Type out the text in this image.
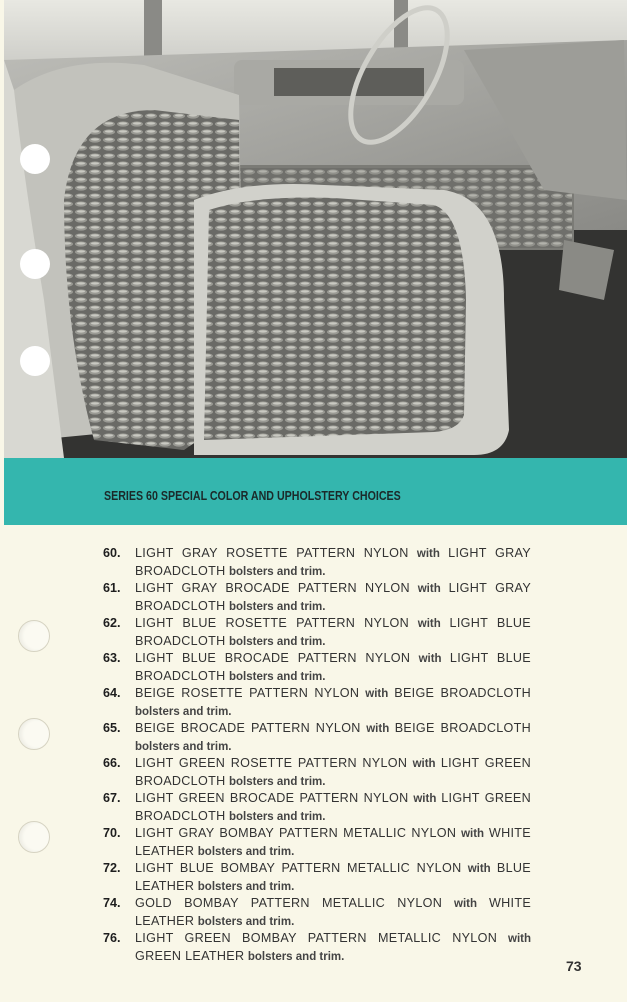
SERIES 60 SPECIAL COLOR AND UPHOLSTERY CHOICES
60. LIGHT GRAY ROSETTE PATTERN NYLON with LIGHT GRAY BROADCLOTH bolsters and trim.
61. LIGHT GRAY BROCADE PATTERN NYLON with LIGHT GRAY BROADCLOTH bolsters and trim.
62. LIGHT BLUE ROSETTE PATTERN NYLON with LIGHT BLUE BROADCLOTH bolsters and trim.
63. LIGHT BLUE BROCADE PATTERN NYLON with LIGHT BLUE BROADCLOTH bolsters and trim.
64. BEIGE ROSETTE PATTERN NYLON with BEIGE BROADCLOTH bolsters and trim.
65. BEIGE BROCADE PATTERN NYLON with BEIGE BROADCLOTH bolsters and trim.
66. LIGHT GREEN ROSETTE PATTERN NYLON with LIGHT GREEN BROADCLOTH bolsters and trim.
67. LIGHT GREEN BROCADE PATTERN NYLON with LIGHT GREEN BROADCLOTH bolsters and trim.
70. LIGHT GRAY BOMBAY PATTERN METALLIC NYLON with WHITE LEATHER bolsters and trim.
72. LIGHT BLUE BOMBAY PATTERN METALLIC NYLON with BLUE LEATHER bolsters and trim.
74. GOLD BOMBAY PATTERN METALLIC NYLON with WHITE LEATHER bolsters and trim.
76. LIGHT GREEN BOMBAY PATTERN METALLIC NYLON with GREEN LEATHER bolsters and trim.
73
